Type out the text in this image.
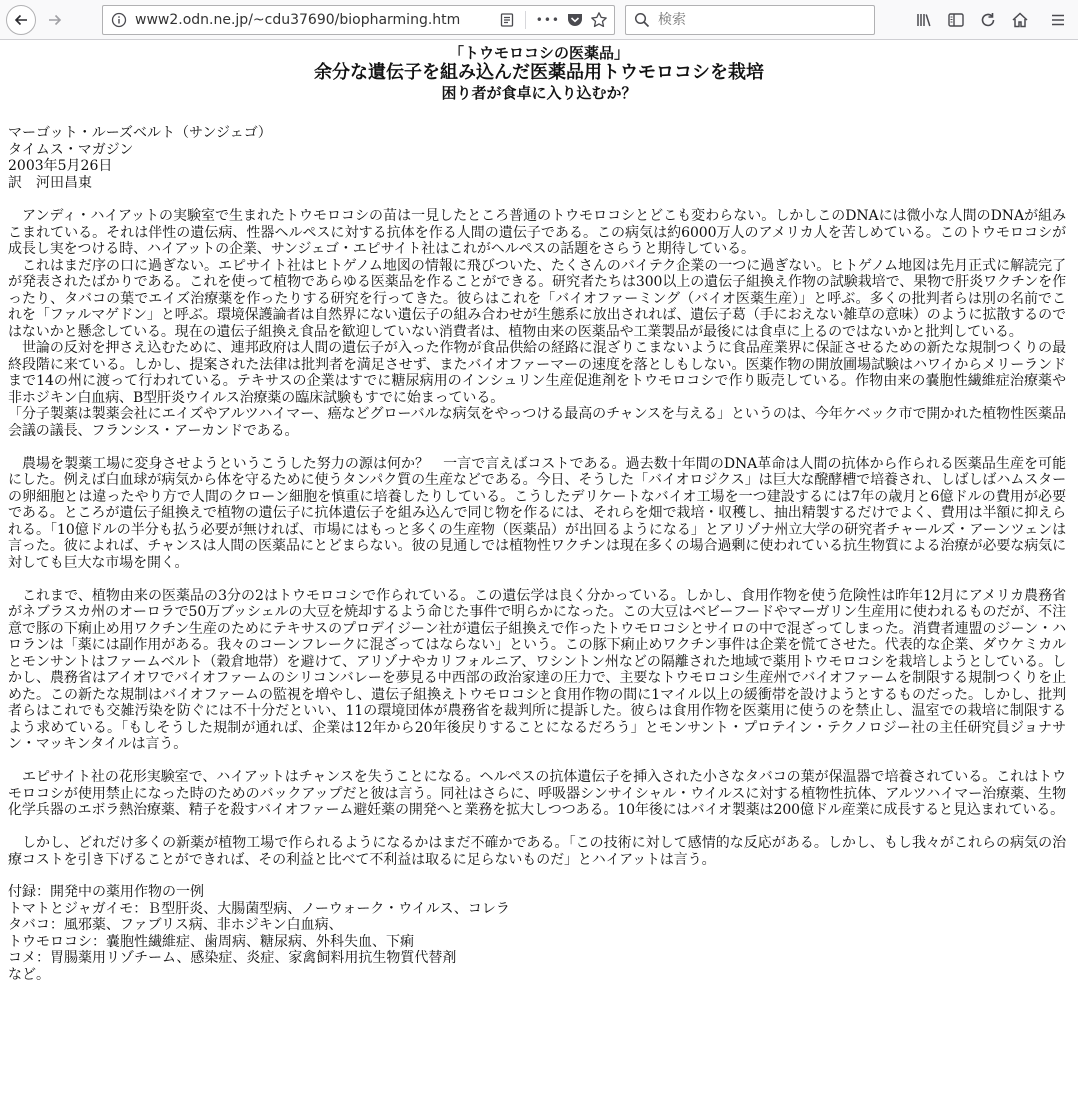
www2.odn.ne.jp/~cdu37690/biopharming.htm	•••
検索
「トウモロコシの医薬品」
余分な遺伝子を組み込んだ医薬品用トウモロコシを栽培
困り者が食卓に入り込むか？
マーゴット・ルーズベルト（サンジェゴ）
タイムス・マガジン
2003年5月26日
訳　河田昌東

アンディ・ハイアットの実験室で生まれたトウモロコシの苗は一見したところ普通のトウモロコシとどこも変わらない。しかしこのDNAには微小な人間のDNAが組みこまれている。それは伴性の遺伝病、性器ヘルペスに対する抗体を作る人間の遺伝子である。この病気は約6000万人のアメリカ人を苦しめている。このトウモロコシが成長し実をつける時、ハイアットの企業、サンジェゴ・エピサイト社はこれがヘルペスの話題をさらうと期待している。

これはまだ序の口に過ぎない。エピサイト社はヒトゲノム地図の情報に飛びついた、たくさんのバイテク企業の一つに過ぎない。ヒトゲノム地図は先月正式に解読完了が発表されたばかりである。これを使って植物であらゆる医薬品を作ることができる。研究者たちは300以上の遺伝子組換え作物の試験栽培で、果物で肝炎ワクチンを作ったり、タバコの葉でエイズ治療薬を作ったりする研究を行ってきた。彼らはこれを「バイオファーミング（バイオ医薬生産）」と呼ぶ。多くの批判者らは別の名前でこれを「ファルマゲドン」と呼ぶ。環境保護論者は自然界にない遺伝子の組み合わせが生態系に放出されれば、遺伝子葛（手におえない雑草の意味）のように拡散するのではないかと懸念している。現在の遺伝子組換え食品を歓迎していない消費者は、植物由来の医薬品や工業製品が最後には食卓に上るのではないかと批判している。

世論の反対を押さえ込むために、連邦政府は人間の遺伝子が入った作物が食品供給の経路に混ざりこまないように食品産業界に保証させるための新たな規制つくりの最終段階に来ている。しかし、提案された法律は批判者を満足させず、またバイオファーマーの速度を落としもしない。医薬作物の開放圃場試験はハワイからメリーランドまで14の州に渡って行われている。テキサスの企業はすでに糖尿病用のインシュリン生産促進剤をトウモロコシで作り販売している。作物由来の嚢胞性繊維症治療薬や非ホジキン白血病、B型肝炎ウイルス治療薬の臨床試験もすでに始まっている。

「分子製薬は製薬会社にエイズやアルツハイマー、癌などグローバルな病気をやっつける最高のチャンスを与える」というのは、今年ケベック市で開かれた植物性医薬品会議の議長、フランシス・アーカンドである。

農場を製薬工場に変身させようというこうした努力の源は何か？　一言で言えばコストである。過去数十年間のDNA革命は人間の抗体から作られる医薬品生産を可能にした。例えば白血球が病気から体を守るために使うタンパク質の生産などである。今日、そうした「バイオロジクス」は巨大な醗酵槽で培養され、しばしばハムスターの卵細胞とは違ったやり方で人間のクローン細胞を慎重に培養したりしている。こうしたデリケートなバイオ工場を一つ建設するには7年の歳月と6億ドルの費用が必要である。ところが遺伝子組換えで植物の遺伝子に抗体遺伝子を組み込んで同じ物を作るには、それらを畑で栽培・収穫し、抽出精製するだけでよく、費用は半額に抑えられる。「10億ドルの半分も払う必要が無ければ、市場にはもっと多くの生産物（医薬品）が出回るようになる」とアリゾナ州立大学の研究者チャールズ・アーンツェンは言った。彼によれば、チャンスは人間の医薬品にとどまらない。彼の見通しでは植物性ワクチンは現在多くの場合過剰に使われている抗生物質による治療が必要な病気に対しても巨大な市場を開く。

これまで、植物由来の医薬品の3分の2はトウモロコシで作られている。この遺伝学は良く分かっている。しかし、食用作物を使う危険性は昨年12月にアメリカ農務省がネブラスカ州のオーロラで50万ブッシェルの大豆を焼却するよう命じた事件で明らかになった。この大豆はベビーフードやマーガリン生産用に使われるものだが、不注意で豚の下痢止め用ワクチン生産のためにテキサスのプロデイジーン社が遺伝子組換えで作ったトウモロコシとサイロの中で混ざってしまった。消費者連盟のジーン・ハロランは「薬には副作用がある。我々のコーンフレークに混ざってはならない」という。この豚下痢止めワクチン事件は企業を慌てさせた。代表的な企業、ダウケミカルとモンサントはファームベルト（穀倉地帯）を避けて、アリゾナやカリフォルニア、ワシントン州などの隔離された地域で薬用トウモロコシを栽培しようとしている。しかし、農務省はアイオワでバイオファームのシリコンバレーを夢見る中西部の政治家達の圧力で、主要なトウモロコシ生産州でバイオファームを制限する規制つくりを止めた。この新たな規制はバイオファームの監視を増やし、遺伝子組換えトウモロコシと食用作物の間に1マイル以上の緩衝帯を設けようとするものだった。しかし、批判者らはこれでも交雑汚染を防ぐには不十分だといい、11の環境団体が農務省を裁判所に提訴した。彼らは食用作物を医薬用に使うのを禁止し、温室での栽培に制限するよう求めている。「もしそうした規制が通れば、企業は12年から20年後戻りすることになるだろう」とモンサント・プロテイン・テクノロジー社の主任研究員ジョナサン・マッキンタイルは言う。

エピサイト社の花形実験室で、ハイアットはチャンスを失うことになる。ヘルペスの抗体遺伝子を挿入された小さなタバコの葉が保温器で培養されている。これはトウモロコシが使用禁止になった時のためのバックアップだと彼は言う。同社はさらに、呼吸器シンサイシャル・ウイルスに対する植物性抗体、アルツハイマー治療薬、生物化学兵器のエボラ熱治療薬、精子を殺すバイオファーム避妊薬の開発へと業務を拡大しつつある。10年後にはバイオ製薬は200億ドル産業に成長すると見込まれている。

しかし、どれだけ多くの新薬が植物工場で作られるようになるかはまだ不確かである。「この技術に対して感情的な反応がある。しかし、もし我々がこれらの病気の治療コストを引き下げることができれば、その利益と比べて不利益は取るに足らないものだ」とハイアットは言う。

付録：開発中の薬用作物の一例
トマトとジャガイモ：Ｂ型肝炎、大腸菌型病、ノーウォーク・ウイルス、コレラ
タバコ：風邪薬、ファブリス病、非ホジキン白血病、
トウモロコシ：嚢胞性繊維症、歯周病、糖尿病、外科失血、下痢
コメ：胃腸薬用リゾチーム、感染症、炎症、家禽飼料用抗生物質代替剤
など。
